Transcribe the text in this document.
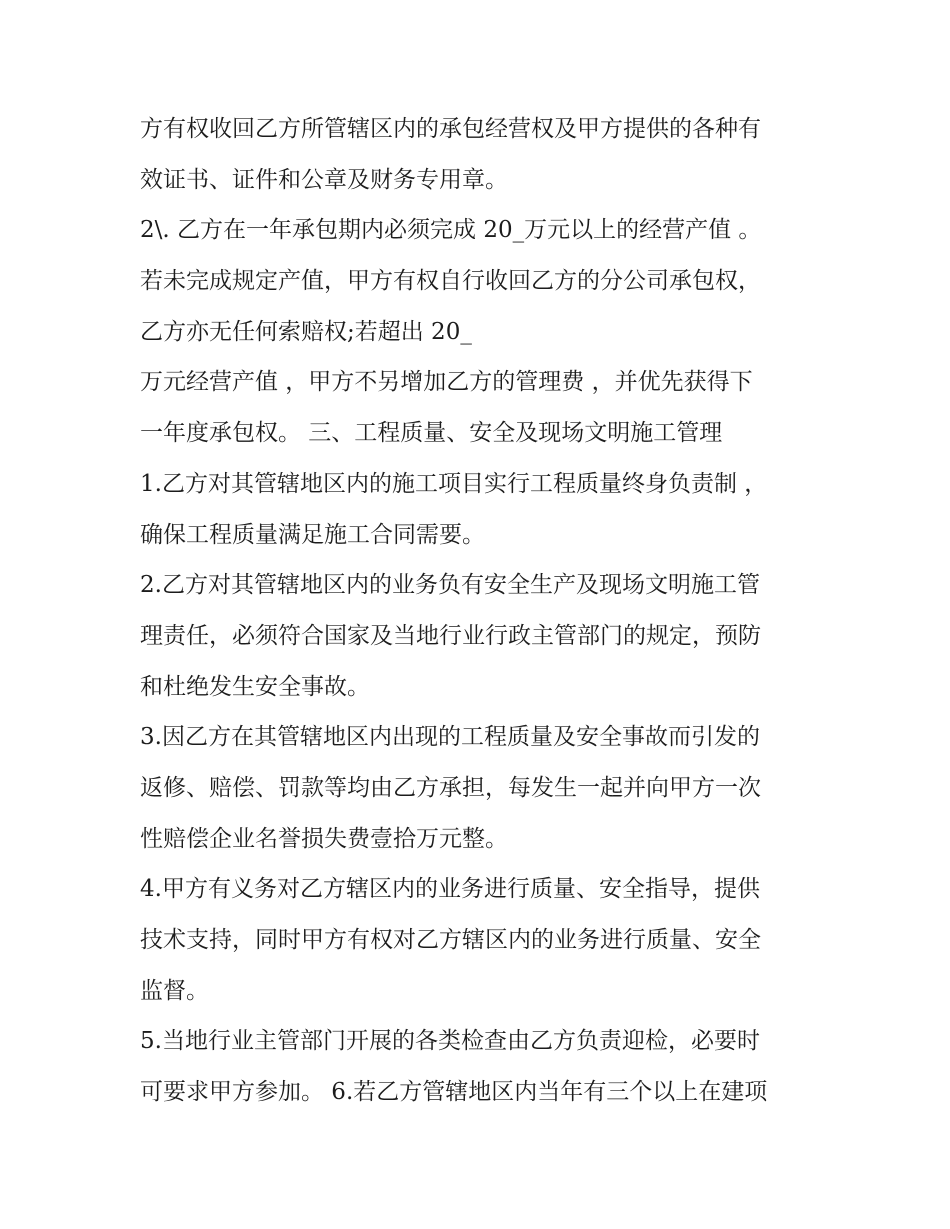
方有权收回乙方所管辖区内的承包经营权及甲方提供的各种有
效证书、证件和公章及财务专用章。
2\. 乙方在一年承包期内必须完成 20_万元以上的经营产值 。
若未完成规定产值，甲方有权自行收回乙方的分公司承包权，
乙方亦无任何索赔权;若超出 20_
万元经营产值 ，甲方不另增加乙方的管理费 ，并优先获得下
一年度承包权。 三、工程质量、安全及现场文明施工管理
1.乙方对其管辖地区内的施工项目实行工程质量终身负责制 ，
确保工程质量满足施工合同需要。
2.乙方对其管辖地区内的业务负有安全生产及现场文明施工管
理责任，必须符合国家及当地行业行政主管部门的规定，预防
和杜绝发生安全事故。
3.因乙方在其管辖地区内出现的工程质量及安全事故而引发的
返修、赔偿、罚款等均由乙方承担，每发生一起并向甲方一次
性赔偿企业名誉损失费壹拾万元整。
4.甲方有义务对乙方辖区内的业务进行质量、安全指导，提供
技术支持，同时甲方有权对乙方辖区内的业务进行质量、安全
监督。
5.当地行业主管部门开展的各类检查由乙方负责迎检，必要时
可要求甲方参加。 6.若乙方管辖地区内当年有三个以上在建项
